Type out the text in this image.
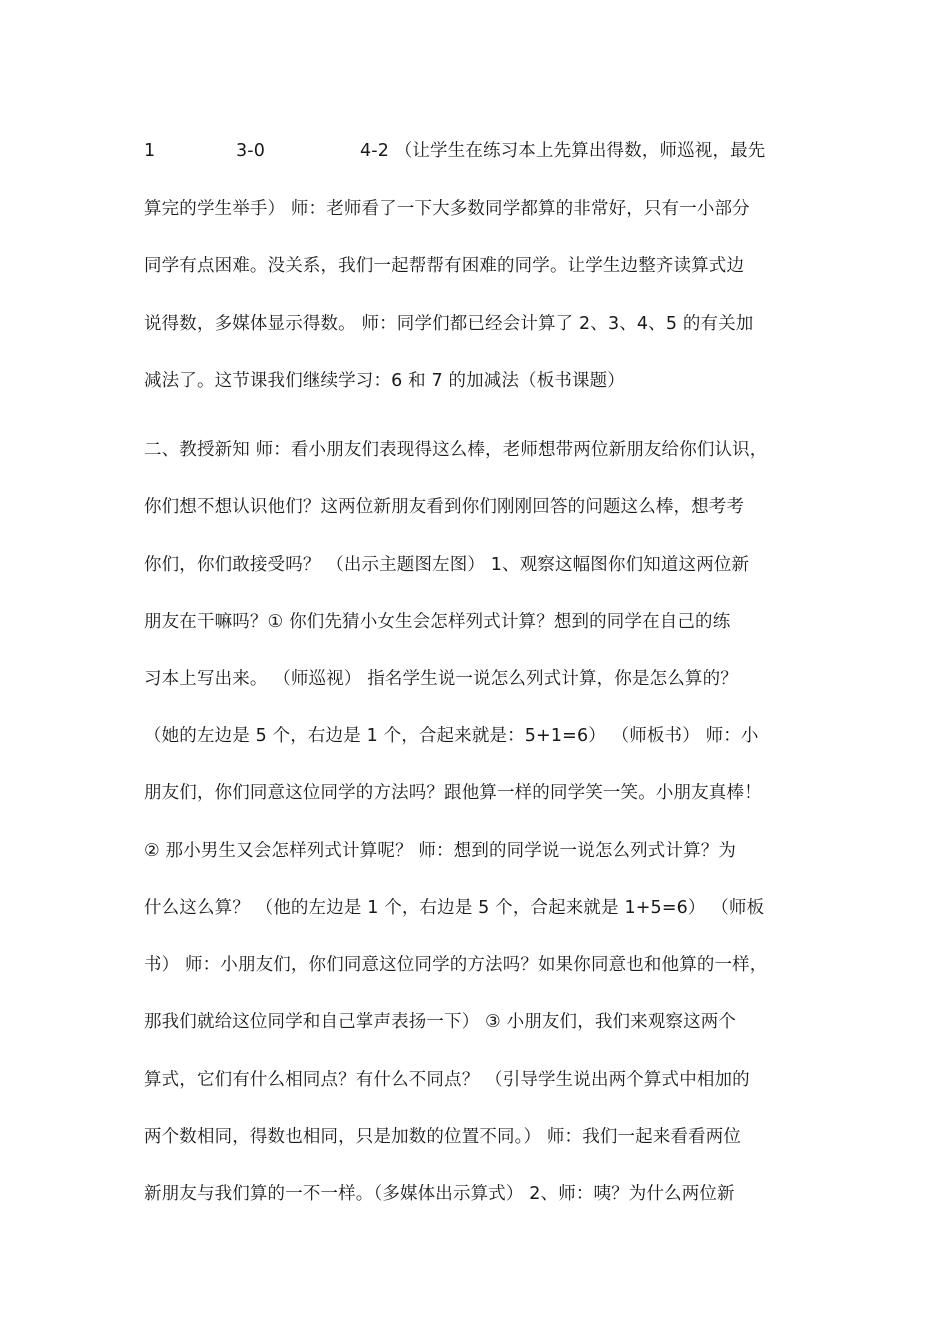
1	3-0	4-2 （让学生在练习本上先算出得数，师巡视，最先
算完的学生举手） 师：老师看了一下大多数同学都算的非常好，只有一小部分
同学有点困难。没关系，我们一起帮帮有困难的同学。让学生边整齐读算式边
说得数，多媒体显示得数。 师：同学们都已经会计算了 2、3、4、5 的有关加
减法了。这节课我们继续学习：6 和 7 的加减法（板书课题）
二、教授新知 师：看小朋友们表现得这么棒，老师想带两位新朋友给你们认识，
你们想不想认识他们？这两位新朋友看到你们刚刚回答的问题这么棒，想考考
你们，你们敢接受吗？ （出示主题图左图） 1、观察这幅图你们知道这两位新
朋友在干嘛吗？① 你们先猜小女生会怎样列式计算？想到的同学在自己的练
习本上写出来。 （师巡视） 指名学生说一说怎么列式计算，你是怎么算的？
（她的左边是 5 个，右边是 1 个，合起来就是：5+1=6） （师板书） 师：小
朋友们，你们同意这位同学的方法吗？跟他算一样的同学笑一笑。小朋友真棒！
② 那小男生又会怎样列式计算呢？ 师：想到的同学说一说怎么列式计算？为
什么这么算？ （他的左边是 1 个，右边是 5 个，合起来就是 1+5=6） （师板
书） 师：小朋友们，你们同意这位同学的方法吗？如果你同意也和他算的一样，
那我们就给这位同学和自己掌声表扬一下） ③ 小朋友们，我们来观察这两个
算式，它们有什么相同点？有什么不同点？ （引导学生说出两个算式中相加的
两个数相同，得数也相同，只是加数的位置不同。） 师：我们一起来看看两位
新朋友与我们算的一不一样。（多媒体出示算式） 2、师：咦？为什么两位新
